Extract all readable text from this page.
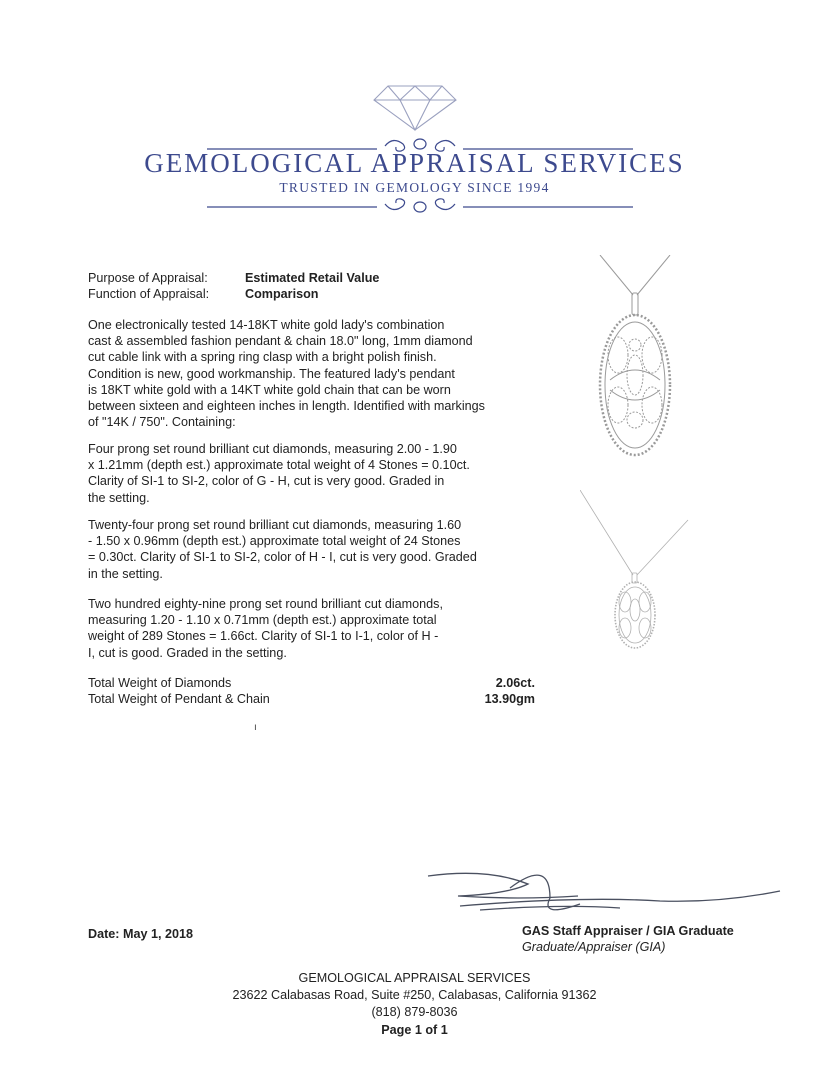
GEMOLOGICAL APPRAISAL SERVICES
TRUSTED IN GEMOLOGY SINCE 1994
Purpose of Appraisal:	Estimated Retail Value
Function of Appraisal:	Comparison
One electronically tested 14-18KT white gold lady's combination
cast & assembled fashion pendant & chain 18.0" long, 1mm diamond
cut cable link with a spring ring clasp with a bright polish finish.
Condition is new, good workmanship. The featured lady's pendant
is 18KT white gold with a 14KT white gold chain that can be worn
between sixteen and eighteen inches in length. Identified with markings
of "14K / 750". Containing:
Four prong set round brilliant cut diamonds, measuring 2.00 - 1.90
x 1.21mm (depth est.) approximate total weight of 4 Stones = 0.10ct.
Clarity of SI-1 to SI-2, color of G - H, cut is very good. Graded in
the setting.
Twenty-four prong set round brilliant cut diamonds, measuring 1.60
- 1.50 x 0.96mm (depth est.) approximate total weight of 24 Stones
= 0.30ct. Clarity of SI-1 to SI-2, color of H - I, cut is very good. Graded
in the setting.
Two hundred eighty-nine prong set round brilliant cut diamonds,
measuring 1.20 - 1.10 x 0.71mm (depth est.) approximate total
weight of 289 Stones = 1.66ct. Clarity of SI-1 to I-1, color of H -
I, cut is good. Graded in the setting.
Total Weight of Diamonds	2.06ct.
Total Weight of Pendant & Chain	13.90gm
ı
Date: May 1, 2018	GAS Staff Appraiser / GIA Graduate
Graduate/Appraiser (GIA)
GEMOLOGICAL APPRAISAL SERVICES
23622 Calabasas Road, Suite #250, Calabasas, California 91362
(818) 879-8036
Page 1 of 1
